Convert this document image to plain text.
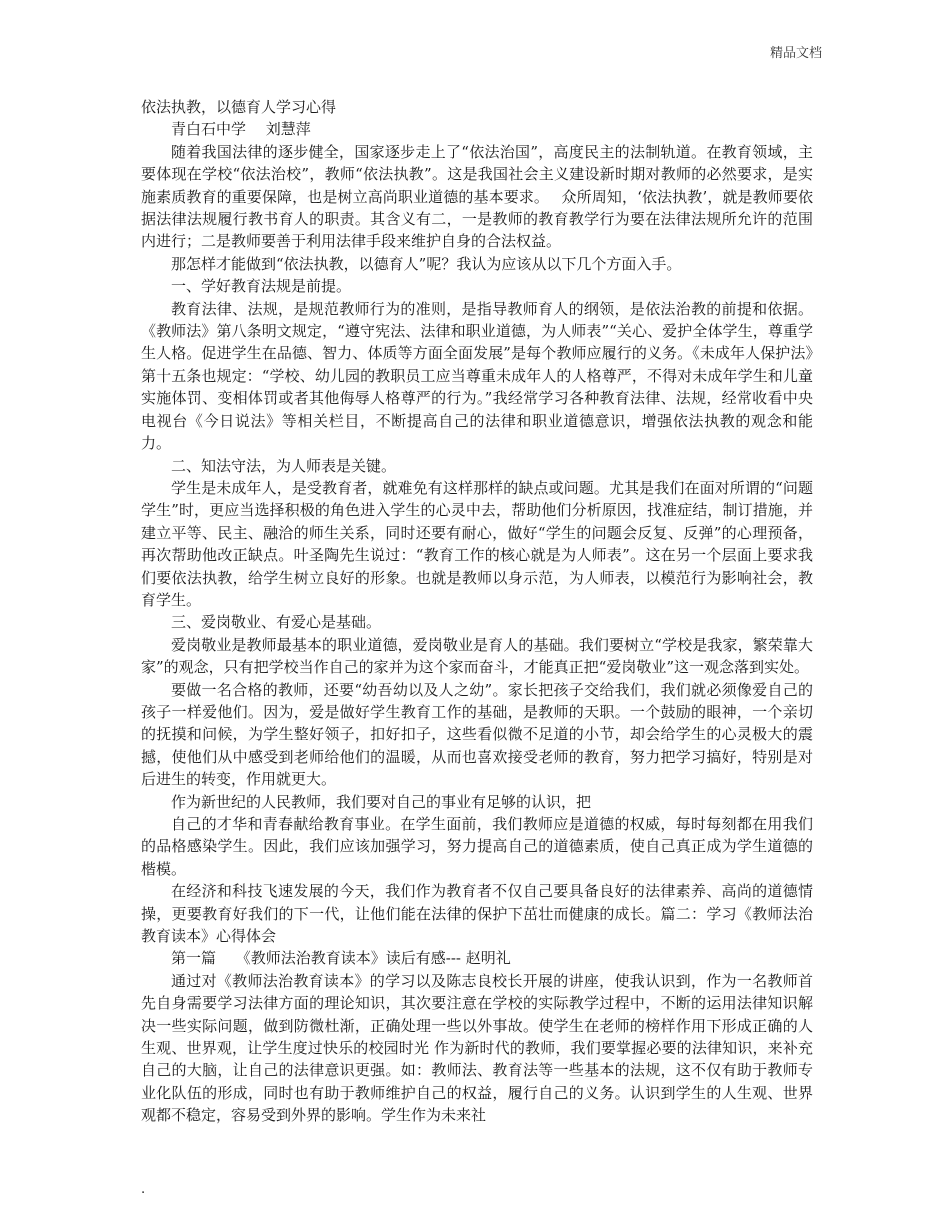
精品文档

依法执教，以德育人学习心得

青白石中学　 刘慧萍

随着我国法律的逐步健全，国家逐步走上了“依法治国”，高度民主的法制轨道。在教育领域，主要体现在学校“依法治校”，教师“依法执教”。这是我国社会主义建设新时期对教师的必然要求，是实施素质教育的重要保障，也是树立高尚职业道德的基本要求。　 众所周知，‘依法执教’，就是教师要依据法律法规履行教书育人的职责。其含义有二，一是教师的教育教学行为要在法律法规所允许的范围内进行；二是教师要善于利用法律手段来维护自身的合法权益。

那怎样才能做到“依法执教，以德育人”呢？我认为应该从以下几个方面入手。

一、学好教育法规是前提。

教育法律、法规，是规范教师行为的准则，是指导教师育人的纲领，是依法治教的前提和依据。《教师法》第八条明文规定，“遵守宪法、法律和职业道德，为人师表”“关心、爱护全体学生，尊重学生人格。促进学生在品德、智力、体质等方面全面发展”是每个教师应履行的义务。《未成年人保护法》第十五条也规定：“学校、幼儿园的教职员工应当尊重未成年人的人格尊严，不得对未成年学生和儿童实施体罚、变相体罚或者其他侮辱人格尊严的行为。”我经常学习各种教育法律、法规，经常收看中央电视台《今日说法》等相关栏目，不断提高自己的法律和职业道德意识，增强依法执教的观念和能力。

二、知法守法，为人师表是关键。

学生是未成年人，是受教育者，就难免有这样那样的缺点或问题。尤其是我们在面对所谓的“问题学生”时，更应当选择积极的角色进入学生的心灵中去，帮助他们分析原因，找准症结，制订措施，并建立平等、民主、融洽的师生关系，同时还要有耐心，做好“学生的问题会反复、反弹”的心理预备，再次帮助他改正缺点。叶圣陶先生说过：“教育工作的核心就是为人师表”。这在另一个层面上要求我们要依法执教，给学生树立良好的形象。也就是教师以身示范，为人师表，以模范行为影响社会，教育学生。

三、爱岗敬业、有爱心是基础。

爱岗敬业是教师最基本的职业道德，爱岗敬业是育人的基础。我们要树立“学校是我家，繁荣靠大家”的观念，只有把学校当作自己的家并为这个家而奋斗，才能真正把“爱岗敬业”这一观念落到实处。

要做一名合格的教师，还要“幼吾幼以及人之幼”。家长把孩子交给我们，我们就必须像爱自己的孩子一样爱他们。因为，爱是做好学生教育工作的基础，是教师的天职。一个鼓励的眼神，一个亲切的抚摸和问候，为学生整好领子，扣好扣子，这些看似微不足道的小节，却会给学生的心灵极大的震撼，使他们从中感受到老师给他们的温暖，从而也喜欢接受老师的教育，努力把学习搞好，特别是对后进生的转变，作用就更大。

作为新世纪的人民教师，我们要对自己的事业有足够的认识，把

自己的才华和青春献给教育事业。在学生面前，我们教师应是道德的权威，每时每刻都在用我们的品格感染学生。因此，我们应该加强学习，努力提高自己的道德素质，使自己真正成为学生道德的楷模。

在经济和科技飞速发展的今天，我们作为教育者不仅自己要具备良好的法律素养、高尚的道德情操，更要教育好我们的下一代，让他们能在法律的保护下茁壮而健康的成长。篇二：学习《教师法治教育读本》心得体会

第一篇　 《教师法治教育读本》读后有感--- 赵明礼

通过对《教师法治教育读本》的学习以及陈志良校长开展的讲座，使我认识到，作为一名教师首先自身需要学习法律方面的理论知识，其次要注意在学校的实际教学过程中，不断的运用法律知识解决一些实际问题，做到防微杜渐，正确处理一些以外事故。使学生在老师的榜样作用下形成正确的人生观、世界观，让学生度过快乐的校园时光 作为新时代的教师，我们要掌握必要的法律知识，来补充自己的大脑，让自己的法律意识更强。如：教师法、教育法等一些基本的法规，这不仅有助于教师专业化队伍的形成，同时也有助于教师维护自己的权益，履行自己的义务。认识到学生的人生观、世界观都不稳定，容易受到外界的影响。学生作为未来社

.
